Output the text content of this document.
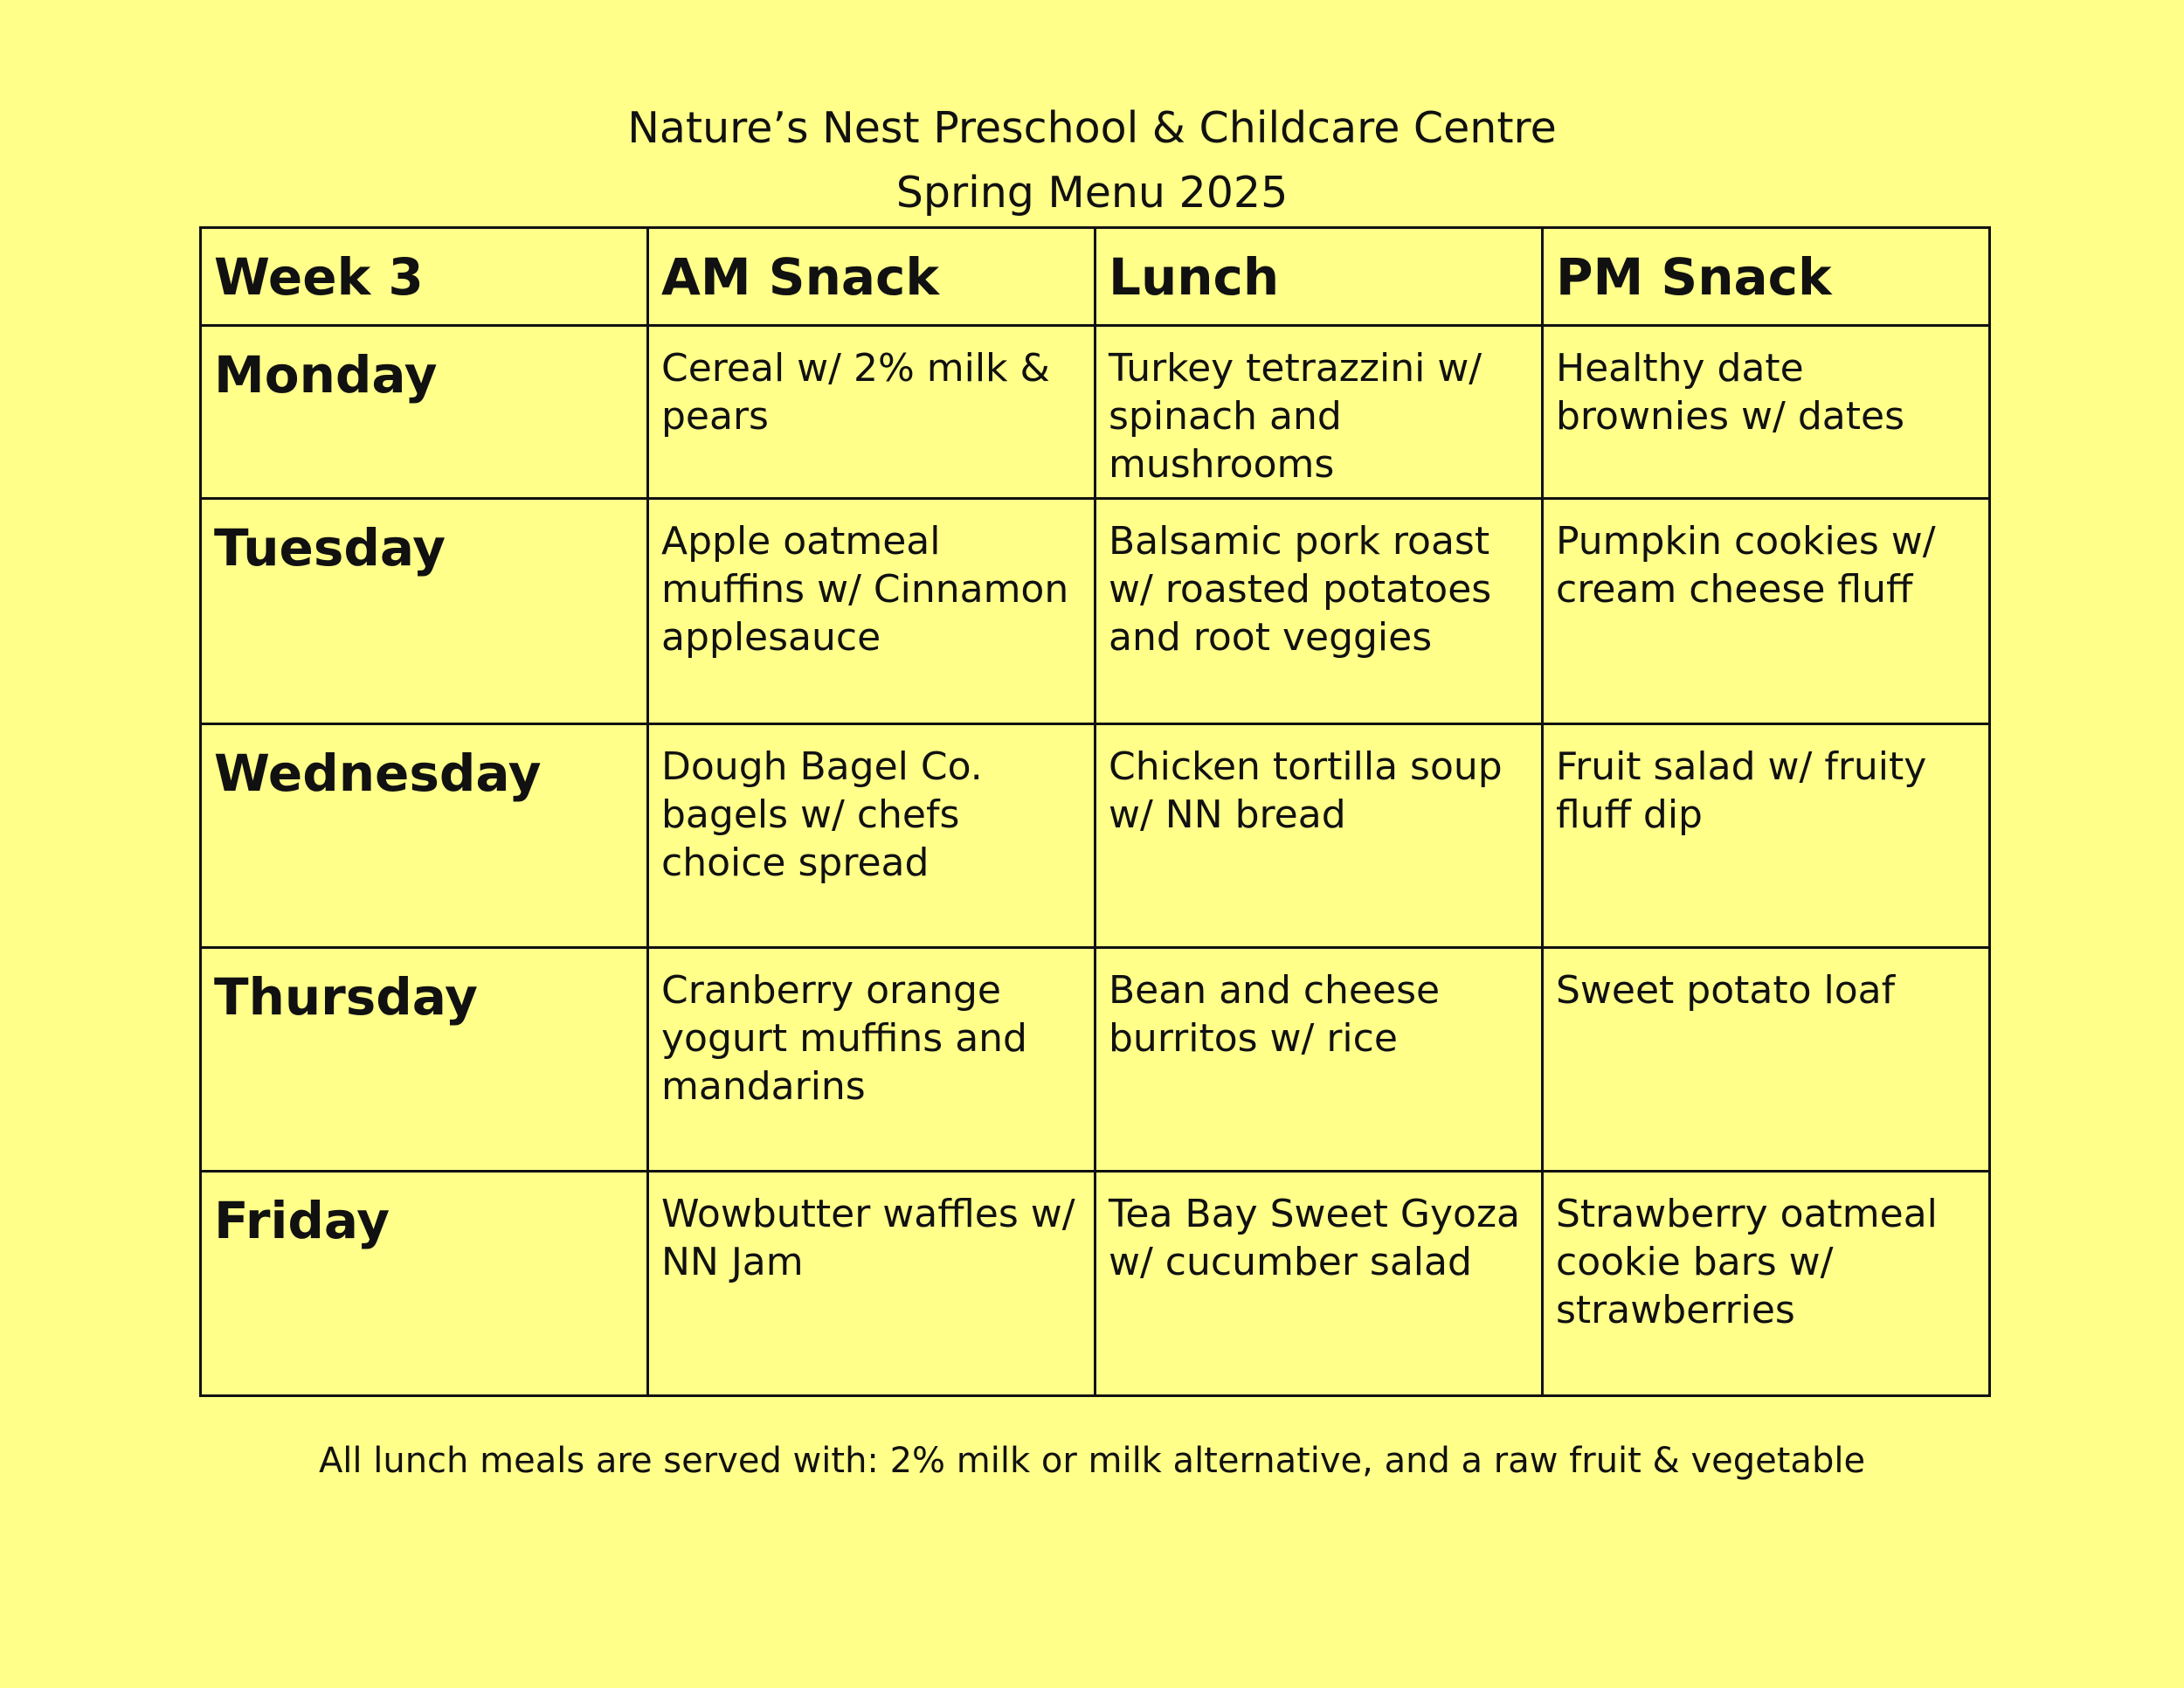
Nature’s Nest Preschool & Childcare Centre
Spring Menu 2025
Week 3	AM Snack	Lunch	PM Snack
Monday	Cereal w/ 2% milk & pears	Turkey tetrazzini w/ spinach and mushrooms	Healthy date brownies w/ dates
Tuesday	Apple oatmeal muffins w/ Cinnamon applesauce	Balsamic pork roast w/ roasted potatoes and root veggies	Pumpkin cookies w/ cream cheese fluff
Wednesday	Dough Bagel Co. bagels w/ chefs choice spread	Chicken tortilla soup w/ NN bread	Fruit salad w/ fruity fluff dip
Thursday	Cranberry orange yogurt muffins and mandarins	Bean and cheese burritos w/ rice	Sweet potato loaf
Friday	Wowbutter waffles w/ NN Jam	Tea Bay Sweet Gyoza w/ cucumber salad	Strawberry oatmeal cookie bars w/ strawberries
All lunch meals are served with: 2% milk or milk alternative, and a raw fruit & vegetable
